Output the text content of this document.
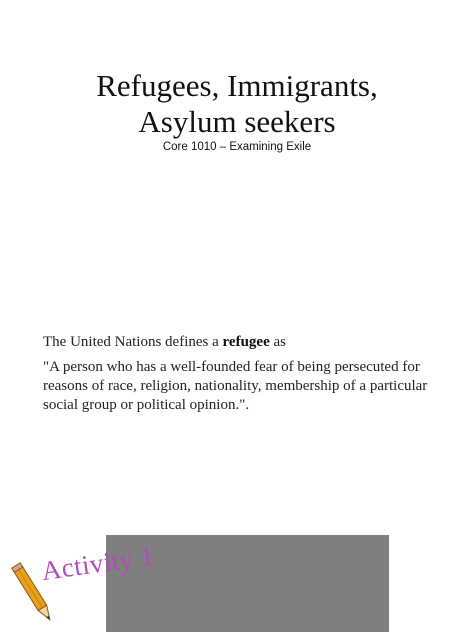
Refugees, Immigrants,
Asylum seekers
Core 1010 – Examining Exile

The United Nations defines a refugee as

"A person who has a well-founded fear of being persecuted for reasons of race, religion, nationality, membership of a particular social group or political opinion.".

Activity 1
